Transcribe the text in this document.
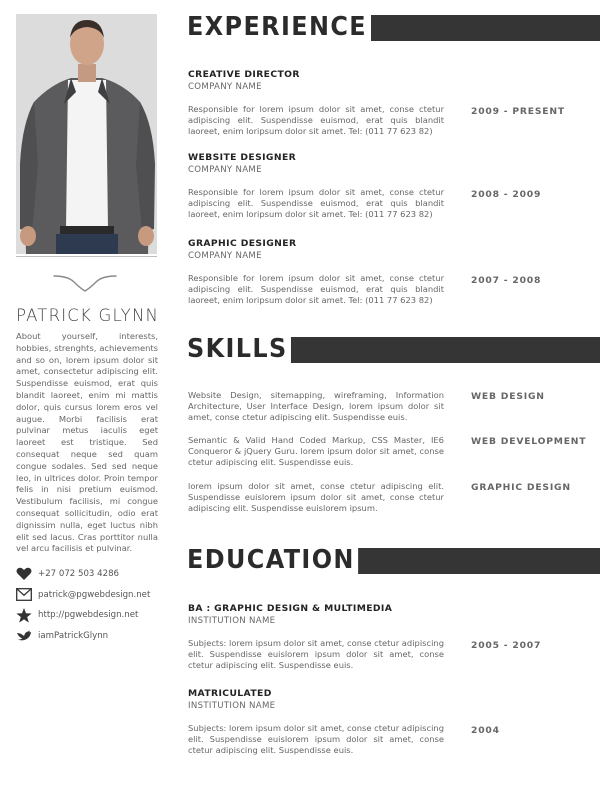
PATRICK GLYNN
About yourself, interests, hobbies, strenghts, achievements and so on, lorem ipsum dolor sit amet, consectetur adipiscing elit. Suspendisse euismod, erat quis blandit laoreet, enim mi mattis dolor, quis cursus lorem eros vel augue. Morbi facilisis erat pulvinar metus iaculis eget laoreet est tristique. Sed consequat neque sed quam congue sodales. Sed sed neque leo, in ultrices dolor. Proin tempor felis in nisi pretium euismod. Vestibulum facilisis, mi congue consequat sollicitudin, odio erat dignissim nulla, eget luctus nibh elit sed lacus. Cras porttitor nulla vel arcu facilisis et pulvinar.
+27 072 503 4286
patrick@pgwebdesign.net
http://pgwebdesign.net
iamPatrickGlynn
EXPERIENCE
CREATIVE DIRECTOR
COMPANY NAME
Responsible for lorem ipsum dolor sit amet, conse ctetur adipiscing elit. Suspendisse euismod, erat quis blandit laoreet, enim loripsum dolor sit amet. Tel: (011 77 623 82)
2009 - PRESENT
WEBSITE DESIGNER
COMPANY NAME
Responsible for lorem ipsum dolor sit amet, conse ctetur adipiscing elit. Suspendisse euismod, erat quis blandit laoreet, enim loripsum dolor sit amet. Tel: (011 77 623 82)
2008 - 2009
GRAPHIC DESIGNER
COMPANY NAME
Responsible for lorem ipsum dolor sit amet, conse ctetur adipiscing elit. Suspendisse euismod, erat quis blandit laoreet, enim loripsum dolor sit amet. Tel: (011 77 623 82)
2007 - 2008
SKILLS
Website Design, sitemapping, wireframing, Information Architecture, User Interface Design, lorem ipsum dolor sit amet, conse ctetur adipiscing elit. Suspendisse euis.
WEB DESIGN
Semantic & Valid Hand Coded Markup, CSS Master, IE6 Conqueror & jQuery Guru. lorem ipsum dolor sit amet, conse ctetur adipiscing elit. Suspendisse euis.
WEB DEVELOPMENT
lorem ipsum dolor sit amet, conse ctetur adipiscing elit. Suspendisse euislorem ipsum dolor sit amet, conse ctetur adipiscing elit. Suspendisse euislorem ipsum.
GRAPHIC DESIGN
EDUCATION
BA : GRAPHIC DESIGN & MULTIMEDIA
INSTITUTION NAME
Subjects: lorem ipsum dolor sit amet, conse ctetur adipiscing elit. Suspendisse euislorem ipsum dolor sit amet, conse ctetur adipiscing elit. Suspendisse euis.
2005 - 2007
MATRICULATED
INSTITUTION NAME
Subjects: lorem ipsum dolor sit amet, conse ctetur adipiscing elit. Suspendisse euislorem ipsum dolor sit amet, conse ctetur adipiscing elit. Suspendisse euis.
2004
